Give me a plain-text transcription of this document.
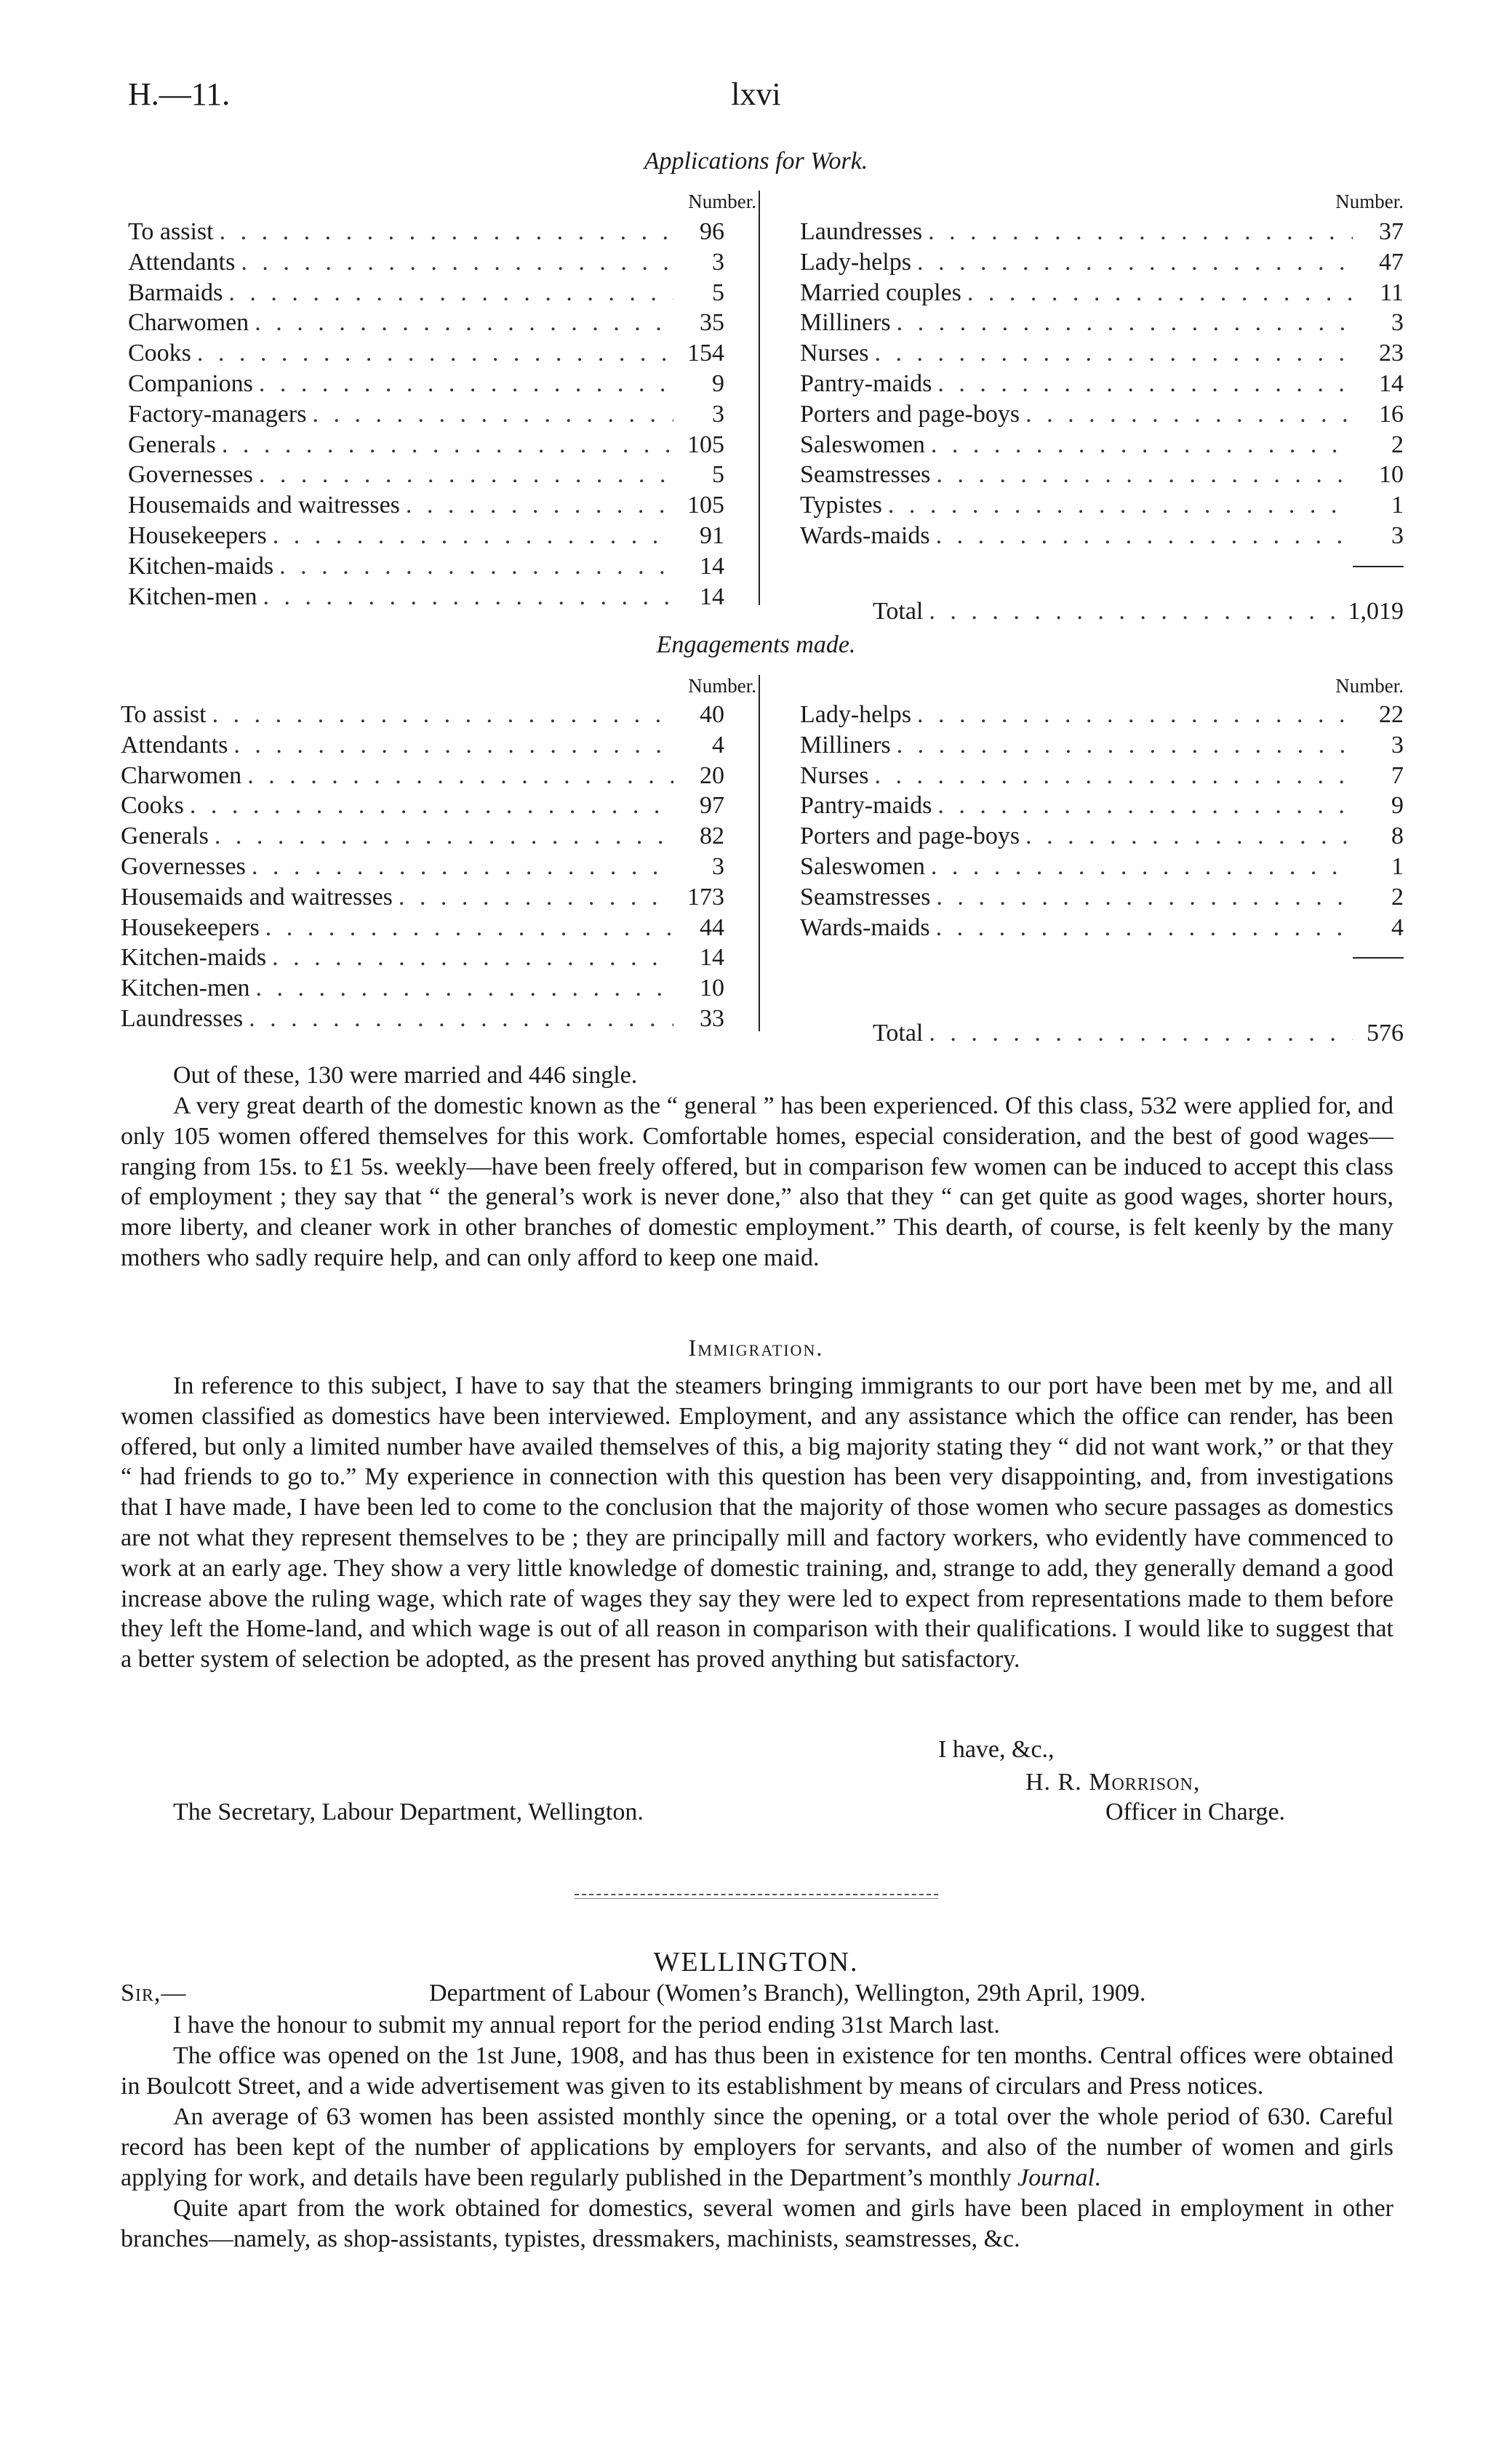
H.—11.	lxvi
Applications for Work.
Number.	Number.
To assist . . .	96
Attendants . . .	3
Barmaids . . .	5
Charwomen . . .	35
Cooks . . .	154
Companions . . .	9
Factory-managers . . .	3
Generals . . .	105
Governesses . . .	5
Housemaids and waitresses . . .	105
Housekeepers . . .	91
Kitchen-maids . . .	14
Kitchen-men . . .	14
Laundresses . . .	37
Lady-helps . . .	47
Married couples . . .	11
Milliners . . .	3
Nurses . . .	23
Pantry-maids . . .	14
Porters and page-boys . . .	16
Saleswomen . . .	2
Seamstresses . . .	10
Typistes . . .	1
Wards-maids . . .	3
Total . . .	1,019
Engagements made.
Number.	Number.
To assist . . .	40
Attendants . . .	4
Charwomen . . .	20
Cooks . . .	97
Generals . . .	82
Governesses . . .	3
Housemaids and waitresses . . .	173
Housekeepers . . .	44
Kitchen-maids . . .	14
Kitchen-men . . .	10
Laundresses . . .	33
Lady-helps . . .	22
Milliners . . .	3
Nurses . . .	7
Pantry-maids . . .	9
Porters and page-boys . . .	8
Saleswomen . . .	1
Seamstresses . . .	2
Wards-maids . . .	4
Total . . .	576

Out of these, 130 were married and 446 single.

A very great dearth of the domestic known as the “ general ” has been experienced. Of this class, 532 were applied for, and only 105 women offered themselves for this work. Comfortable homes, especial consideration, and the best of good wages—ranging from 15s. to £1 5s. weekly—have been freely offered, but in comparison few women can be induced to accept this class of employment ; they say that “ the general’s work is never done,” also that they “ can get quite as good wages, shorter hours, more liberty, and cleaner work in other branches of domestic employment.” This dearth, of course, is felt keenly by the many mothers who sadly require help, and can only afford to keep one maid.

Immigration.

In reference to this subject, I have to say that the steamers bringing immigrants to our port have been met by me, and all women classified as domestics have been interviewed. Employment, and any assistance which the office can render, has been offered, but only a limited number have availed themselves of this, a big majority stating they “ did not want work,” or that they “ had friends to go to.” My experience in connection with this question has been very disappointing, and, from investigations that I have made, I have been led to come to the conclusion that the majority of those women who secure passages as domestics are not what they represent themselves to be ; they are principally mill and factory workers, who evidently have commenced to work at an early age. They show a very little knowledge of domestic training, and, strange to add, they generally demand a good increase above the ruling wage, which rate of wages they say they were led to expect from representations made to them before they left the Home-land, and which wage is out of all reason in comparison with their qualifications. I would like to suggest that a better system of selection be adopted, as the present has proved anything but satisfactory.

I have, &c.,
H. R. Morrison,
The Secretary, Labour Department, Wellington.	Officer in Charge.
WELLINGTON.
Sir,—	Department of Labour (Women’s Branch), Wellington, 29th April, 1909.

I have the honour to submit my annual report for the period ending 31st March last.

The office was opened on the 1st June, 1908, and has thus been in existence for ten months. Central offices were obtained in Boulcott Street, and a wide advertisement was given to its establishment by means of circulars and Press notices.

An average of 63 women has been assisted monthly since the opening, or a total over the whole period of 630. Careful record has been kept of the number of applications by employers for servants, and also of the number of women and girls applying for work, and details have been regularly published in the Department’s monthly Journal.

Quite apart from the work obtained for domestics, several women and girls have been placed in employment in other branches—namely, as shop-assistants, typistes, dressmakers, machinists, seamstresses, &c.
